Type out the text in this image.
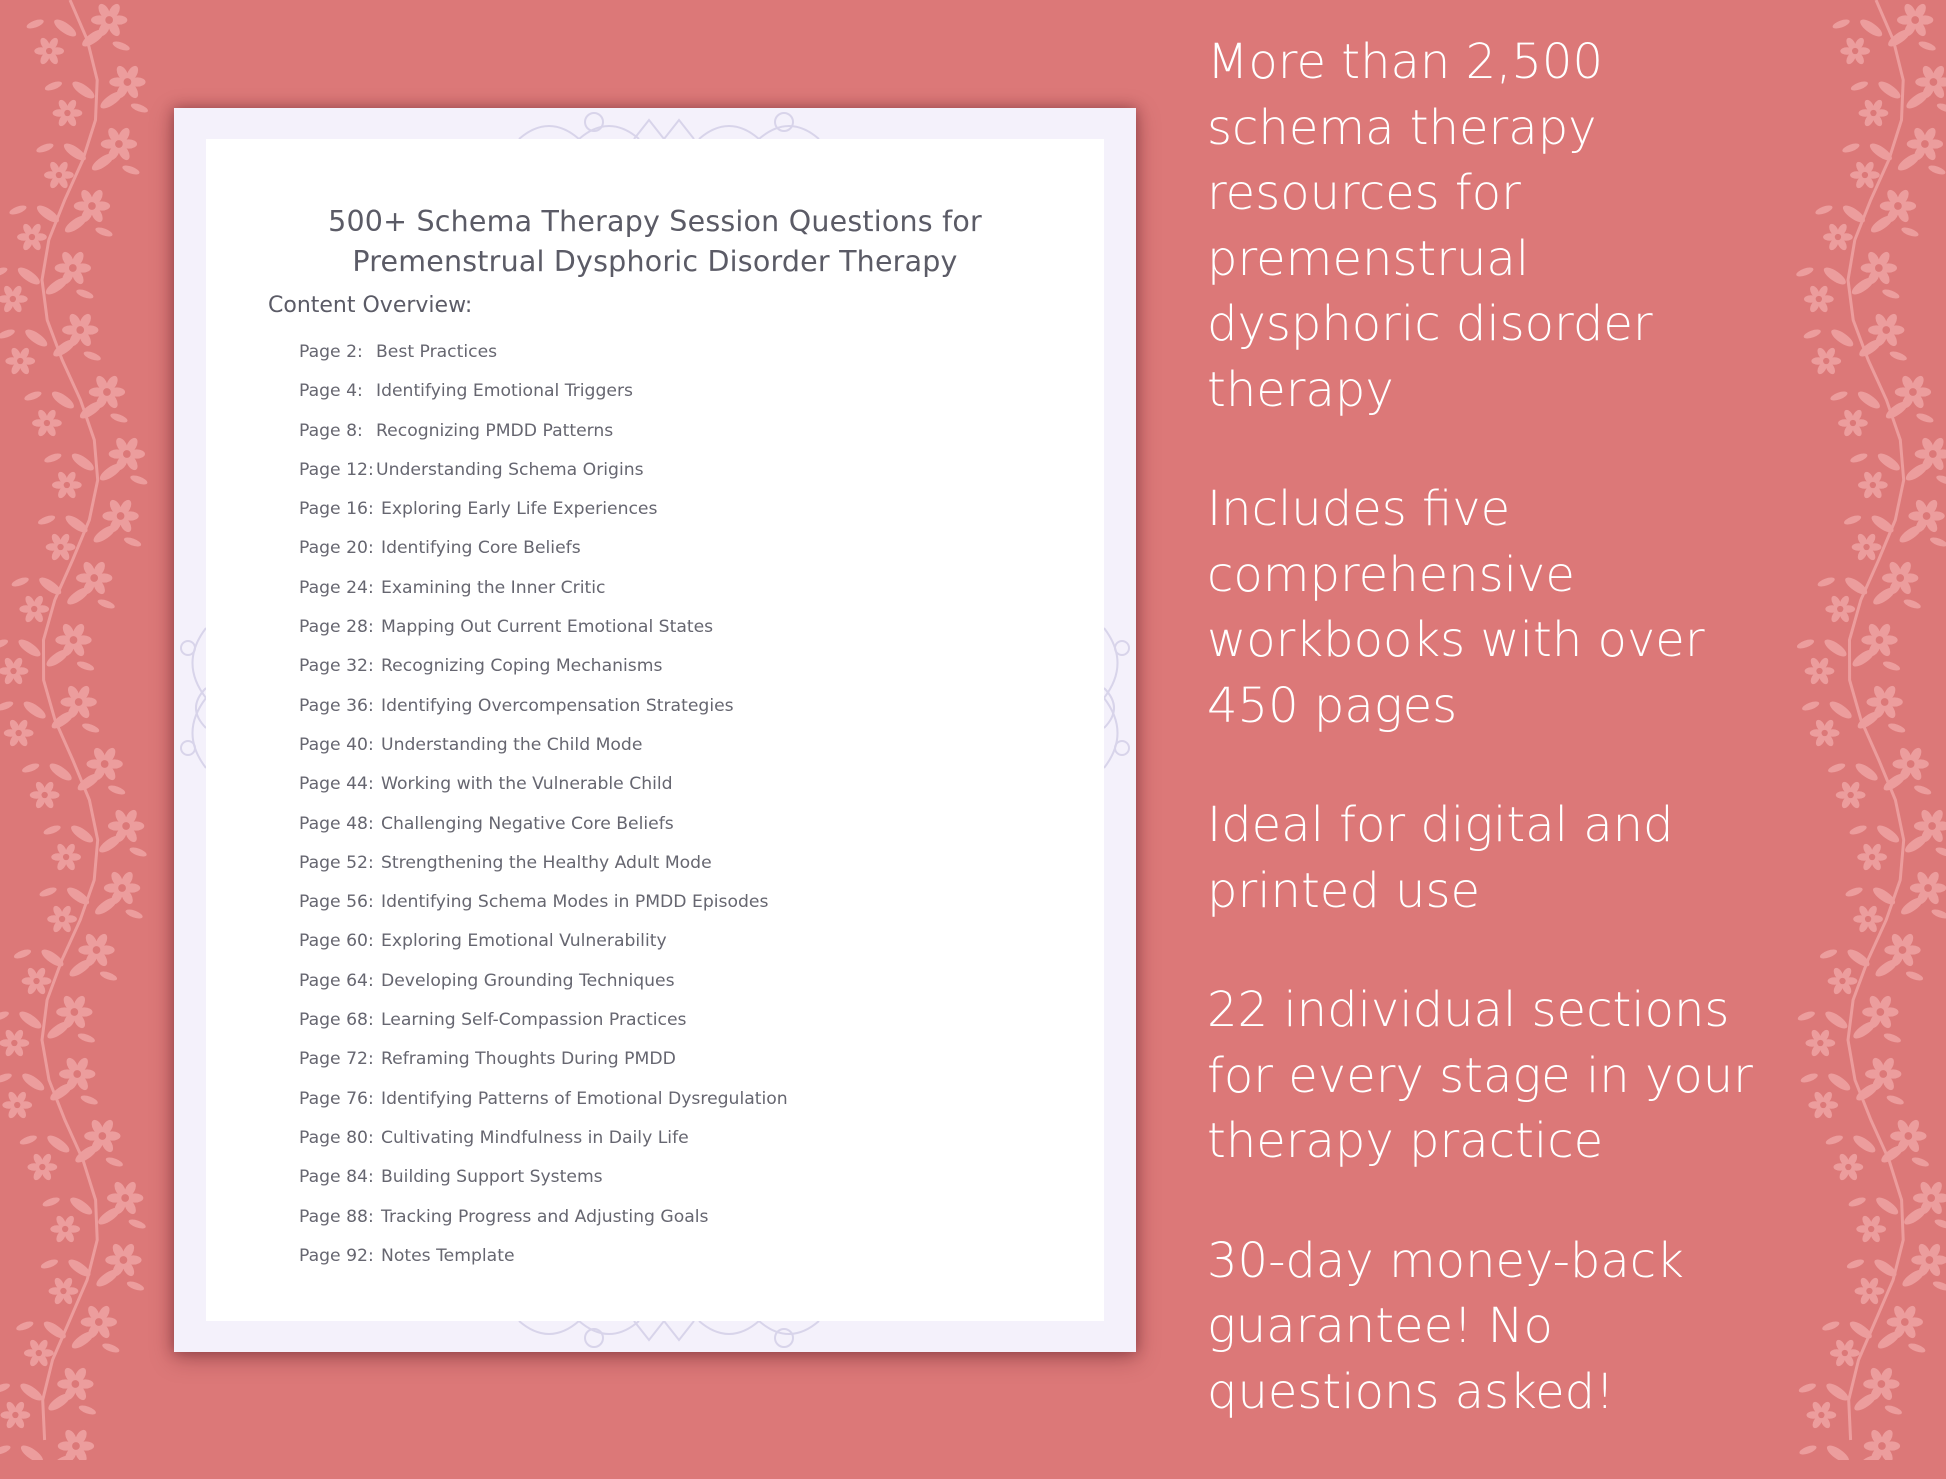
500+ Schema Therapy Session Questions for
Premenstrual Dysphoric Disorder Therapy
Content Overview:
Page 2: Best Practices
Page 4: Identifying Emotional Triggers
Page 8: Recognizing PMDD Patterns
Page 12: Understanding Schema Origins
Page 16: Exploring Early Life Experiences
Page 20: Identifying Core Beliefs
Page 24: Examining the Inner Critic
Page 28: Mapping Out Current Emotional States
Page 32: Recognizing Coping Mechanisms
Page 36: Identifying Overcompensation Strategies
Page 40: Understanding the Child Mode
Page 44: Working with the Vulnerable Child
Page 48: Challenging Negative Core Beliefs
Page 52: Strengthening the Healthy Adult Mode
Page 56: Identifying Schema Modes in PMDD Episodes
Page 60: Exploring Emotional Vulnerability
Page 64: Developing Grounding Techniques
Page 68: Learning Self-Compassion Practices
Page 72: Reframing Thoughts During PMDD
Page 76: Identifying Patterns of Emotional Dysregulation
Page 80: Cultivating Mindfulness in Daily Life
Page 84: Building Support Systems
Page 88: Tracking Progress and Adjusting Goals
Page 92: Notes Template
More than 2,500
schema therapy
resources for
premenstrual
dysphoric disorder
therapy
Includes five
comprehensive
workbooks with over
450 pages
Ideal for digital and
printed use
22 individual sections
for every stage in your
therapy practice
30-day money-back
guarantee! No
questions asked!
